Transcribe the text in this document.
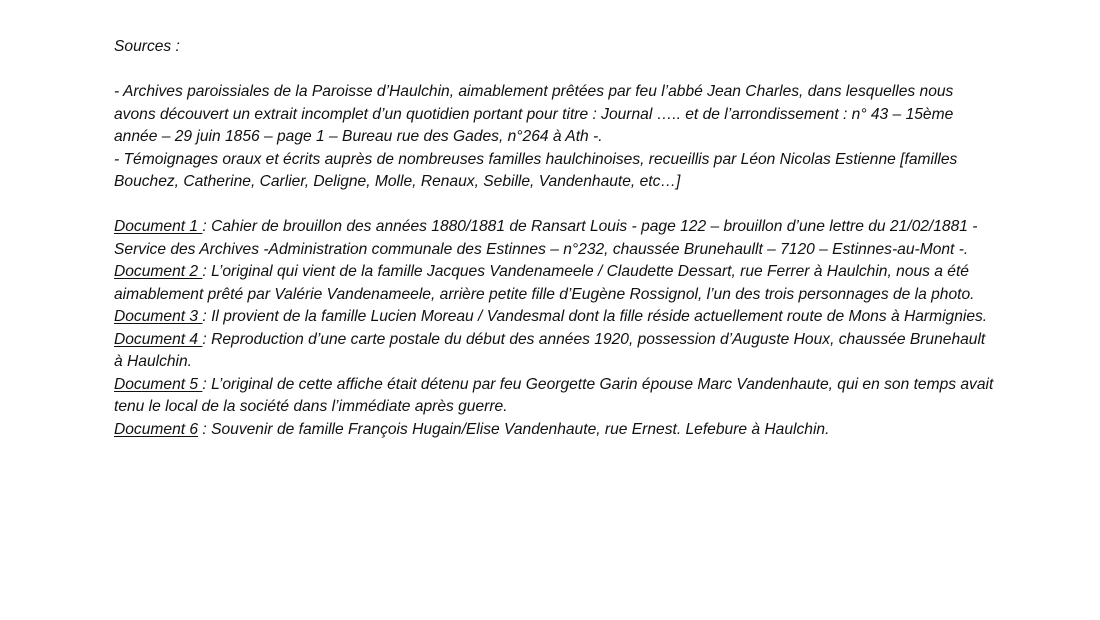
Sources :

- Archives paroissiales de la Paroisse d’Haulchin, aimablement prêtées par feu l’abbé Jean Charles, dans lesquelles nous avons découvert un extrait incomplet d’un quotidien portant pour titre : Journal ….. et de l’arrondissement : n° 43 – 15ème année – 29 juin 1856 – page 1 – Bureau rue des Gades, n°264 à Ath -.

- Témoignages oraux et écrits auprès de nombreuses familles haulchinoises, recueillis par Léon Nicolas Estienne [familles Bouchez, Catherine, Carlier, Deligne, Molle, Renaux, Sebille, Vandenhaute, etc…]

Document 1 : Cahier de brouillon des années 1880/1881 de Ransart Louis - page 122 – brouillon d’une lettre du 21/02/1881 - Service des Archives -Administration communale des Estinnes – n°232, chaussée Brunehaullt – 7120 – Estinnes-au-Mont -.

Document 2 : L’original qui vient de la famille Jacques Vandenameele / Claudette Dessart, rue Ferrer à Haulchin, nous a été aimablement prêté par Valérie Vandenameele, arrière petite fille d’Eugène Rossignol, l’un des trois personnages de la photo.

Document 3 : Il provient de la famille Lucien Moreau / Vandesmal dont la fille réside actuellement route de Mons à Harmignies.

Document 4 : Reproduction d’une carte postale du début des années 1920, possession d’Auguste Houx, chaussée Brunehault à Haulchin.

Document 5 : L’original de cette affiche était détenu par feu Georgette Garin épouse Marc Vandenhaute, qui en son temps avait tenu le local de la société dans l’immédiate après guerre.

Document 6 : Souvenir de famille François Hugain/Elise Vandenhaute, rue Ernest. Lefebure à Haulchin.
